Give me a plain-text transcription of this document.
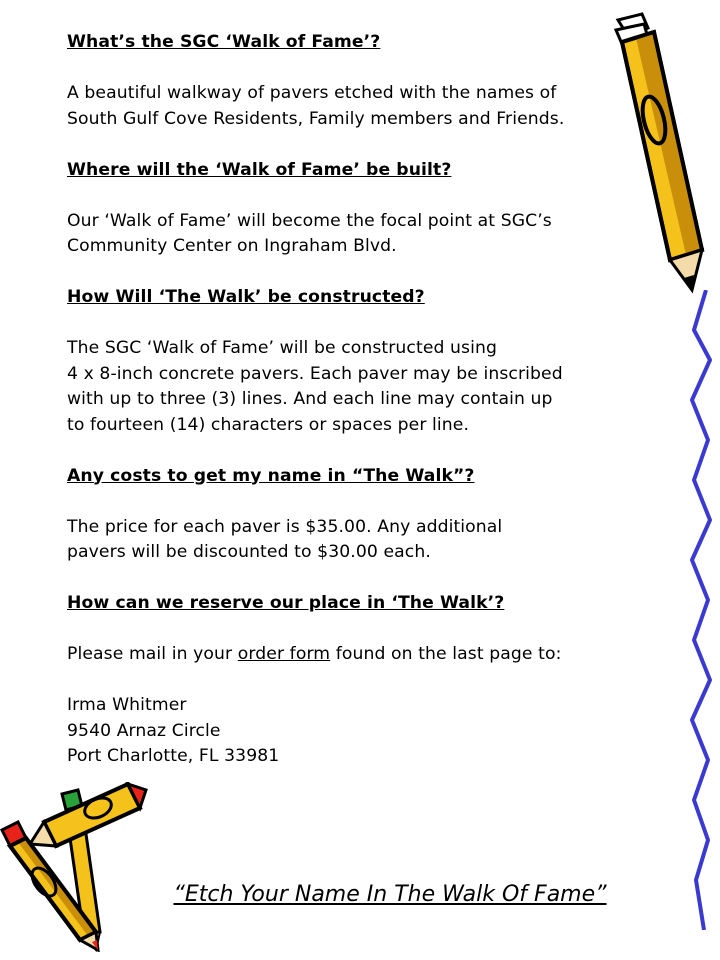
What’s the SGC ‘Walk of Fame’?

A beautiful walkway of pavers etched with the names of

South Gulf Cove Residents, Family members and Friends.

Where will the ‘Walk of Fame’ be built?

Our ‘Walk of Fame’ will become the focal point at SGC’s

Community Center on Ingraham Blvd.

How Will ‘The Walk’ be constructed?

The SGC ‘Walk of Fame’ will be constructed using

4 x 8-inch concrete pavers. Each paver may be inscribed

with up to three (3) lines. And each line may contain up

to fourteen (14) characters or spaces per line.

Any costs to get my name in “The Walk”?

The price for each paver is $35.00. Any additional

pavers will be discounted to $30.00 each.

How can we reserve our place in ‘The Walk’?

Please mail in your order form found on the last page to:

Irma Whitmer

9540 Arnaz Circle

Port Charlotte, FL 33981

“Etch Your Name In The Walk Of Fame”
